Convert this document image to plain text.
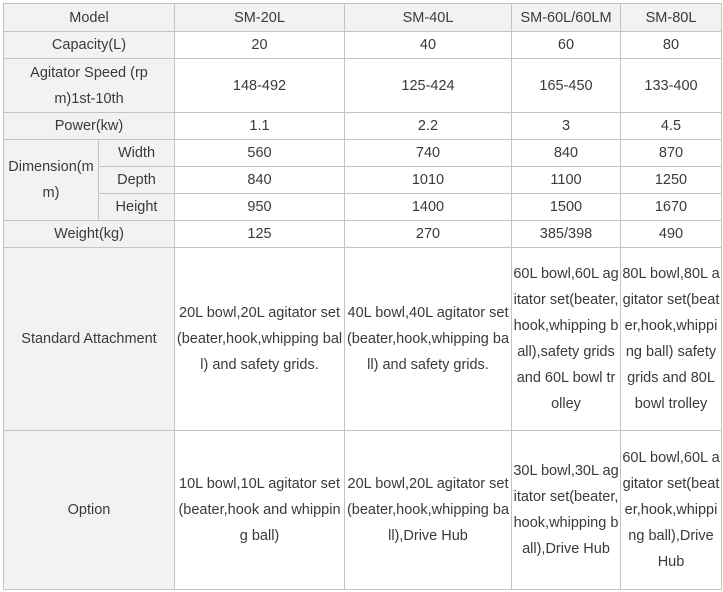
Model		SM-20L	SM-40L	SM-60L/60LM	SM-80L
Capacity(L)		20	40	60	80
Agitator Speed (rpm)1st-10th		148-492	125-424	165-450	133-400
Power(kw)		1.1	2.2	3	4.5
Dimension(mm)	Width	560	740	840	870
	Depth	840	1010	1100	1250
	Height	950	1400	1500	1670
Weight(kg)		125	270	385/398	490
Standard Attachment		20L bowl,20L agitator set(beater,hook,whipping ball) and safety grids.	40L bowl,40L agitator set(beater,hook,whipping ball) and safety grids.	60L bowl,60L agitator set(beater,hook,whipping ball),safety grids and 60L bowl trolley	80L bowl,80L agitator set(beater,hook,whipping ball) safety grids and 80L bowl trolley
Option		10L bowl,10L agitator set(beater,hook and whipping ball)	20L bowl,20L agitator set(beater,hook,whipping ball),Drive Hub	30L bowl,30L agitator set(beater,hook,whipping ball),Drive Hub	60L bowl,60L agitator set(beater,hook,whipping ball),Drive Hub
